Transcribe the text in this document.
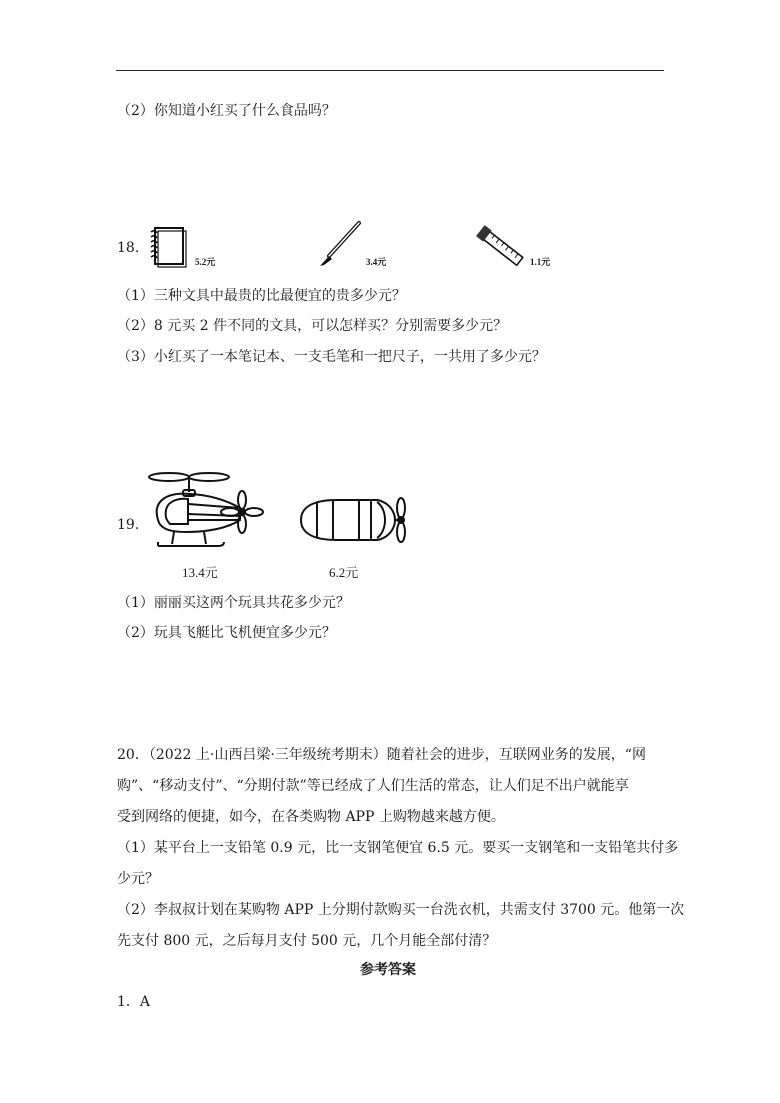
（2）你知道小红买了什么食品吗？
18.
5.2元	3.4元	1.1元
（1）三种文具中最贵的比最便宜的贵多少元？
（2）8 元买 2 件不同的文具，可以怎样买？分别需要多少元？
（3）小红买了一本笔记本、一支毛笔和一把尺子，一共用了多少元？
19.
13.4元	6.2元
（1）丽丽买这两个玩具共花多少元？
（2）玩具飞艇比飞机便宜多少元？
20．（2022 上·山西吕梁·三年级统考期末）随着社会的进步，互联网业务的发展，“网
购”、“移动支付”、“分期付款”等已经成了人们生活的常态，让人们足不出户就能享
受到网络的便捷，如今，在各类购物 APP 上购物越来越方便。
（1）某平台上一支铅笔 0.9 元，比一支钢笔便宜 6.5 元。要买一支钢笔和一支铅笔共付多
少元？
（2）李叔叔计划在某购物 APP 上分期付款购买一台洗衣机，共需支付 3700 元。他第一次
先支付 800 元，之后每月支付 500 元，几个月能全部付清？
参考答案
1．A
